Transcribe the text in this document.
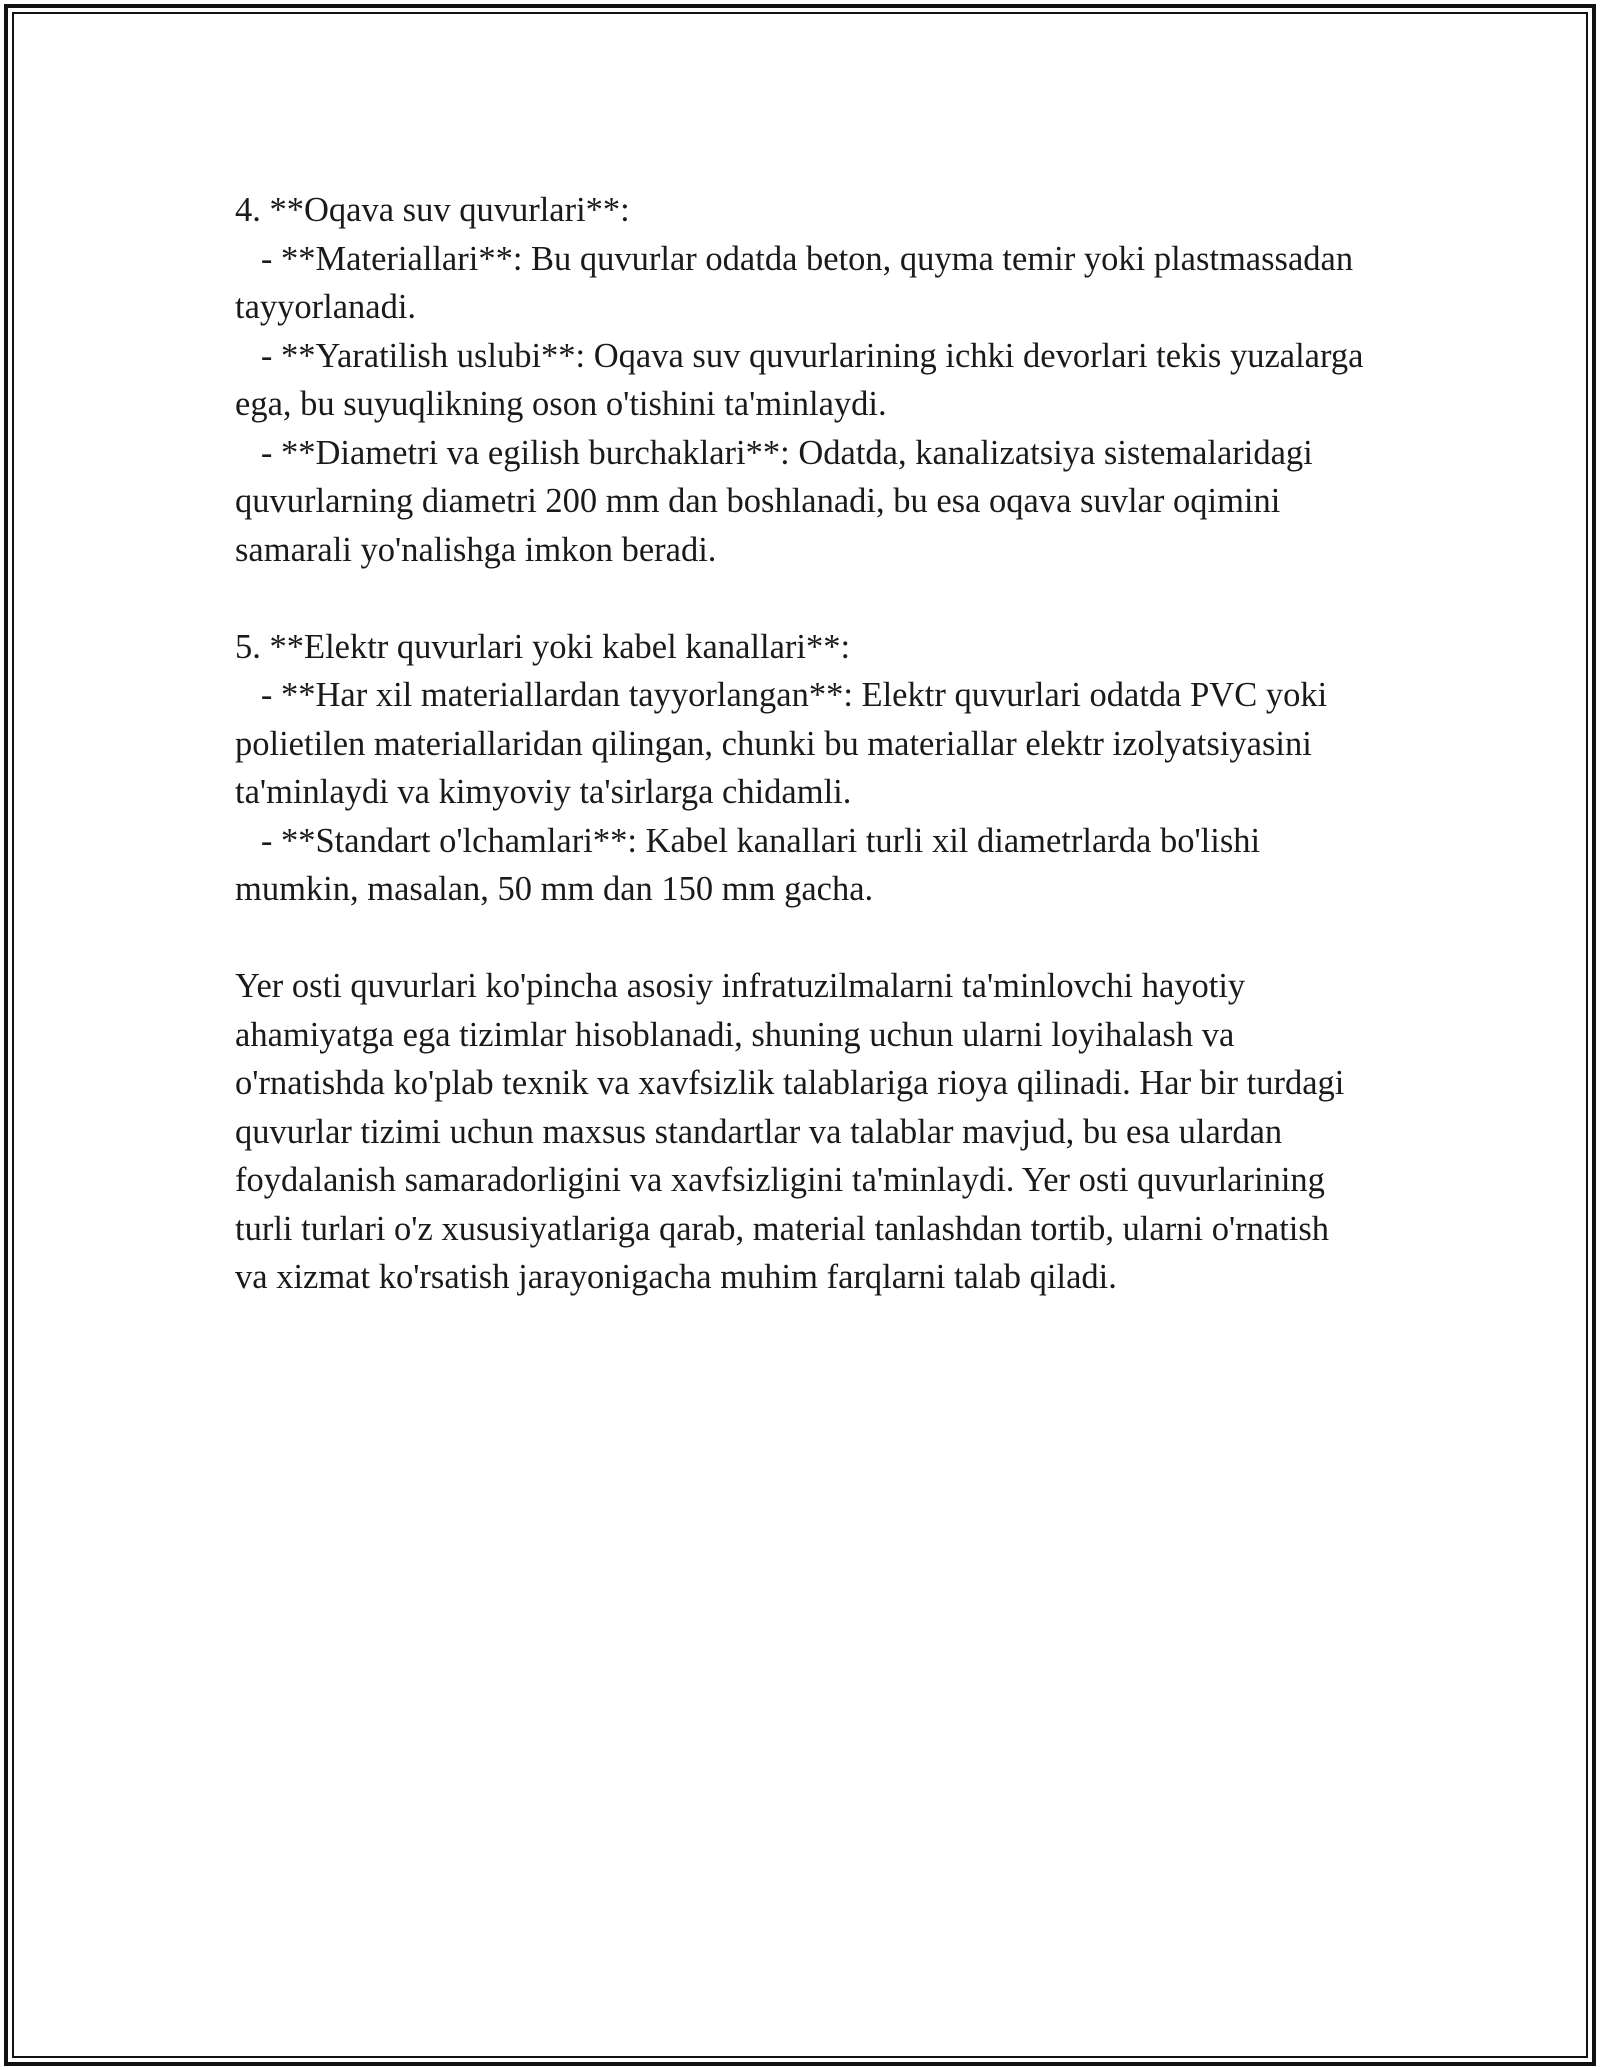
4. **Oqava suv quvurlari**:

- **Materiallari**: Bu quvurlar odatda beton, quyma temir yoki plastmassadan tayyorlanadi.

- **Yaratilish uslubi**: Oqava suv quvurlarining ichki devorlari tekis yuzalarga ega, bu suyuqlikning oson o'tishini ta'minlaydi.

- **Diametri va egilish burchaklari**: Odatda, kanalizatsiya sistemalaridagi quvurlarning diametri 200 mm dan boshlanadi, bu esa oqava suvlar oqimini samarali yo'nalishga imkon beradi.

5. **Elektr quvurlari yoki kabel kanallari**:

- **Har xil materiallardan tayyorlangan**: Elektr quvurlari odatda PVC yoki polietilen materiallaridan qilingan, chunki bu materiallar elektr izolyatsiyasini ta'minlaydi va kimyoviy ta'sirlarga chidamli.

- **Standart o'lchamlari**: Kabel kanallari turli xil diametrlarda bo'lishi mumkin, masalan, 50 mm dan 150 mm gacha.

Yer osti quvurlari ko'pincha asosiy infratuzilmalarni ta'minlovchi hayotiy ahamiyatga ega tizimlar hisoblanadi, shuning uchun ularni loyihalash va o'rnatishda ko'plab texnik va xavfsizlik talablariga rioya qilinadi. Har bir turdagi quvurlar tizimi uchun maxsus standartlar va talablar mavjud, bu esa ulardan foydalanish samaradorligini va xavfsizligini ta'minlaydi. Yer osti quvurlarining turli turlari o'z xususiyatlariga qarab, material tanlashdan tortib, ularni o'rnatish va xizmat ko'rsatish jarayonigacha muhim farqlarni talab qiladi.
